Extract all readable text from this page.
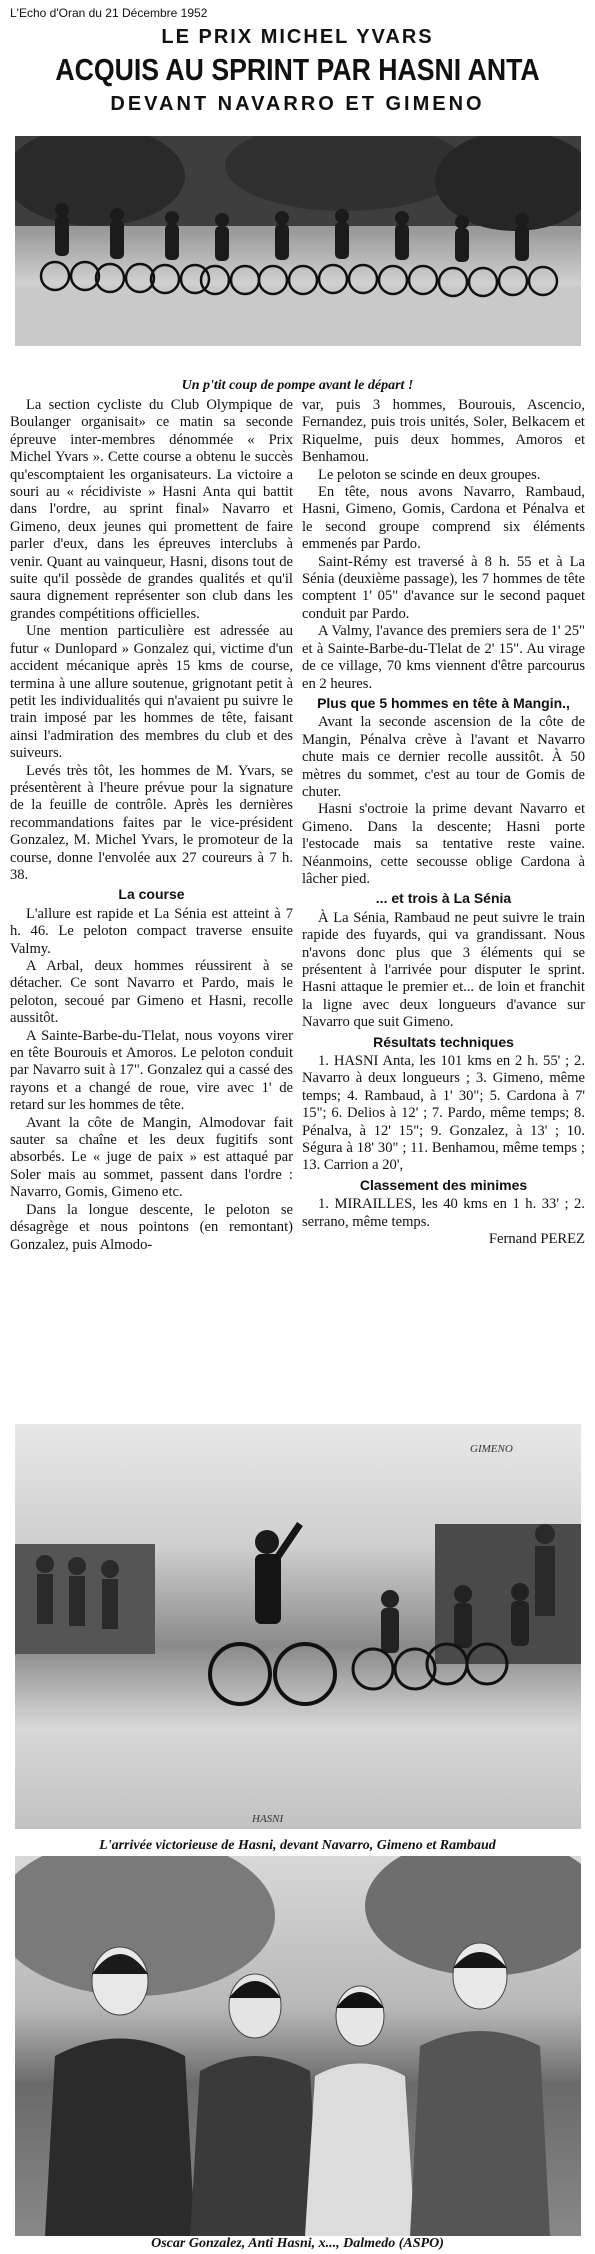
L'Echo d'Oran du 21 Décembre 1952
LE PRIX MICHEL YVARS
ACQUIS AU SPRINT PAR HASNI ANTA
DEVANT NAVARRO ET GIMENO
Un p'tit coup de pompe avant le départ !

La section cycliste du Club Olympique de Boulanger organisait» ce matin sa seconde épreuve inter-membres dénommée « Prix Michel Yvars ». Cette course a obtenu le succès qu'escomptaient les organisateurs. La victoire a souri au « récidiviste » Hasni Anta qui battit dans l'ordre, au sprint final» Navarro et Gimeno, deux jeunes qui promettent de faire parler d'eux, dans les épreuves interclubs à venir. Quant au vainqueur, Hasni, disons tout de suite qu'il possède de grandes qualités et qu'il saura dignement représenter son club dans les grandes compétitions officielles.

Une mention particulière est adressée au futur « Dunlopard » Gonzalez qui, victime d'un accident mécanique après 15 kms de course, termina à une allure soutenue, grignotant petit à petit les individualités qui n'avaient pu suivre le train imposé par les hommes de tête, faisant ainsi l'admiration des membres du club et des suiveurs.

Levés très tôt, les hommes de M. Yvars, se présentèrent à l'heure prévue pour la signature de la feuille de contrôle. Après les dernières recommandations faites par le vice-président Gonzalez, M. Michel Yvars, le promoteur de la course, donne l'envolée aux 27 coureurs à 7 h. 38.

La course

L'allure est rapide et La Sénia est atteint à 7 h. 46. Le peloton compact traverse ensuite Valmy.

A Arbal, deux hommes réussirent à se détacher. Ce sont Navarro et Pardo, mais le peloton, secoué par Gimeno et Hasni, recolle aussitôt.

A Sainte-Barbe-du-Tlelat, nous voyons virer en tête Bourouis et Amoros. Le peloton conduit par Navarro suit à 17". Gonzalez qui a cassé des rayons et a changé de roue, vire avec 1' de retard sur les hommes de tête.

Avant la côte de Mangin, Almodovar fait sauter sa chaîne et les deux fugitifs sont absorbés. Le « juge de paix » est attaqué par Soler mais au sommet, passent dans l'ordre : Navarro, Gomis, Gimeno etc.

Dans la longue descente, le peloton se désagrège et nous pointons (en remontant) Gonzalez, puis Almodo-

var, puis 3 hommes, Bourouis, Ascencio, Fernandez, puis trois unités, Soler, Belkacem et Riquelme, puis deux hommes, Amoros et Benhamou.

Le peloton se scinde en deux groupes.

En tête, nous avons Navarro, Rambaud, Hasni, Gimeno, Gomis, Cardona et Pénalva et le second groupe comprend six éléments emmenés par Pardo.

Saint-Rémy est traversé à 8 h. 55 et à La Sénia (deuxième passage), les 7 hommes de tête comptent 1' 05" d'avance sur le second paquet conduit par Pardo.

A Valmy, l'avance des premiers sera de 1' 25" et à Sainte-Barbe-du-Tlelat de 2' 15". Au virage de ce village, 70 kms viennent d'être parcourus en 2 heures.

Plus que 5 hommes en tête à Mangin.,

Avant la seconde ascension de la côte de Mangin, Pénalva crève à l'avant et Navarro chute mais ce dernier recolle aussitôt. À 50 mètres du sommet, c'est au tour de Gomis de chuter.

Hasni s'octroie la prime devant Navarro et Gimeno. Dans la descente; Hasni porte l'estocade mais sa tentative reste vaine. Néanmoins, cette secousse oblige Cardona à lâcher pied.

... et trois à La Sénia

À La Sénia, Rambaud ne peut suivre le train rapide des fuyards, qui va grandissant. Nous n'avons donc plus que 3 éléments qui se présentent à l'arrivée pour disputer le sprint. Hasni attaque le premier et... de loin et franchit la ligne avec deux longueurs d'avance sur Navarro que suit Gimeno.

Résultats techniques

1. HASNI Anta, les 101 kms en 2 h. 55' ; 2. Navarro à deux longueurs ; 3. Gimeno, même temps; 4. Rambaud, à 1' 30"; 5. Cardona à 7' 15"; 6. Delios à 12' ; 7. Pardo, même temps; 8. Pénalva, à 12' 15"; 9. Gonzalez, à 13' ; 10. Ségura à 18' 30" ; 11. Benhamou, même temps ; 13. Carrion a 20',

Classement des minimes

1. MIRAILLES, les 40 kms en 1 h. 33' ; 2. serrano, même temps.

Fernand PEREZ

GIMENO
HASNI
L'arrivée victorieuse de Hasni, devant Navarro, Gimeno et Rambaud
Oscar Gonzalez, Anti Hasni, x..., Dalmedo (ASPO)
